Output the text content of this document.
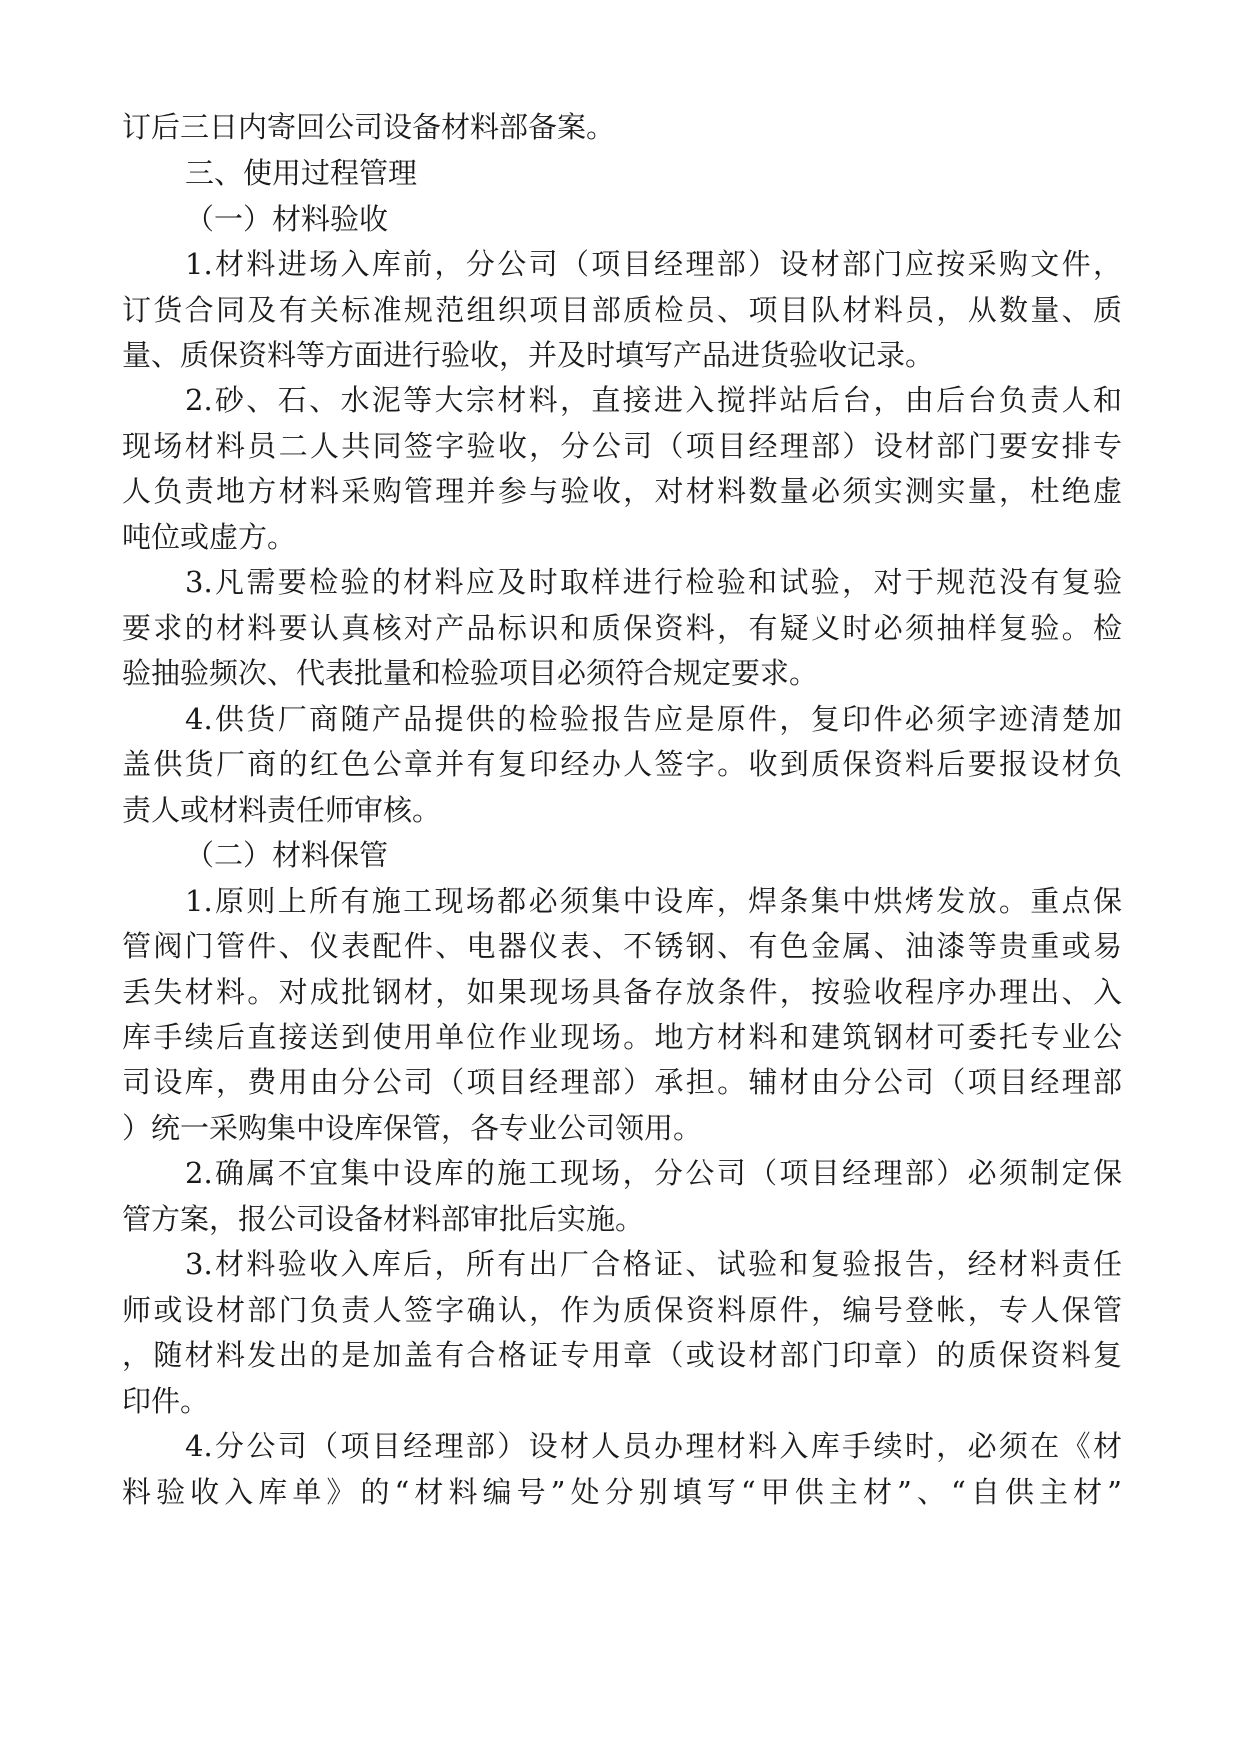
订后三日内寄回公司设备材料部备案。
三、使用过程管理
（一）材料验收
1.材料进场入库前，分公司（项目经理部）设材部门应按采购文件，
订货合同及有关标准规范组织项目部质检员、项目队材料员，从数量、质
量、质保资料等方面进行验收，并及时填写产品进货验收记录。
2.砂、石、水泥等大宗材料，直接进入搅拌站后台，由后台负责人和
现场材料员二人共同签字验收，分公司（项目经理部）设材部门要安排专
人负责地方材料采购管理并参与验收，对材料数量必须实测实量，杜绝虚
吨位或虚方。
3.凡需要检验的材料应及时取样进行检验和试验，对于规范没有复验
要求的材料要认真核对产品标识和质保资料，有疑义时必须抽样复验。检
验抽验频次、代表批量和检验项目必须符合规定要求。
4.供货厂商随产品提供的检验报告应是原件，复印件必须字迹清楚加
盖供货厂商的红色公章并有复印经办人签字。收到质保资料后要报设材负
责人或材料责任师审核。
（二）材料保管
1.原则上所有施工现场都必须集中设库，焊条集中烘烤发放。重点保
管阀门管件、仪表配件、电器仪表、不锈钢、有色金属、油漆等贵重或易
丢失材料。对成批钢材，如果现场具备存放条件，按验收程序办理出、入
库手续后直接送到使用单位作业现场。地方材料和建筑钢材可委托专业公
司设库，费用由分公司（项目经理部）承担。辅材由分公司（项目经理部
）统一采购集中设库保管，各专业公司领用。
2.确属不宜集中设库的施工现场，分公司（项目经理部）必须制定保
管方案，报公司设备材料部审批后实施。
3.材料验收入库后，所有出厂合格证、试验和复验报告，经材料责任
师或设材部门负责人签字确认，作为质保资料原件，编号登帐，专人保管
，随材料发出的是加盖有合格证专用章（或设材部门印章）的质保资料复
印件。
4.分公司（项目经理部）设材人员办理材料入库手续时，必须在《材
料验收入库单》的“材料编号”处分别填写“甲供主材”、“自供主材”
